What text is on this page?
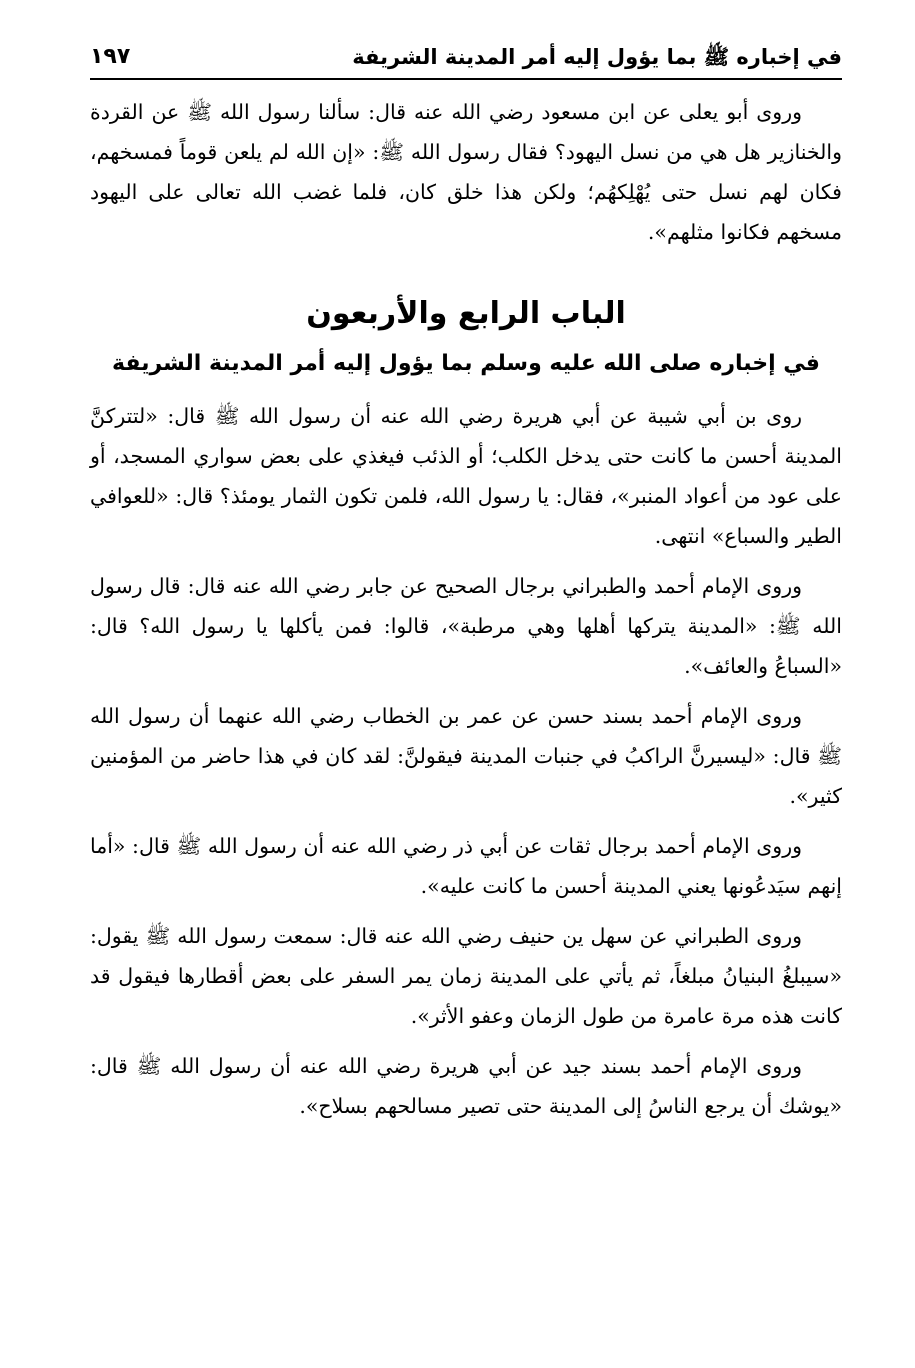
في إخباره ﷺ بما يؤول إليه أمر المدينة الشريفة
١٩٧

وروى أبو يعلى عن ابن مسعود رضي الله عنه قال: سألنا رسول الله ﷺ عن القردة والخنازير هل هي من نسل اليهود؟ فقال رسول الله ﷺ: «إن الله لم يلعن قوماً فمسخهم، فكان لهم نسل حتى يُهْلِكهُم؛ ولكن هذا خلق كان، فلما غضب الله تعالى على اليهود مسخهم فكانوا مثلهم».

الباب الرابع والأربعون
في إخباره صلى الله عليه وسلم بما يؤول إليه أمر المدينة الشريفة

روى بن أبي شيبة عن أبي هريرة رضي الله عنه أن رسول الله ﷺ قال: «لتتركنَّ المدينة أحسن ما كانت حتى يدخل الكلب؛ أو الذئب فيغذي على بعض سواري المسجد، أو على عود من أعواد المنبر»، فقال: يا رسول الله، فلمن تكون الثمار يومئذ؟ قال: «للعوافي الطير والسباع» انتهى.

وروى الإمام أحمد والطبراني برجال الصحيح عن جابر رضي الله عنه قال: قال رسول الله ﷺ: «المدينة يتركها أهلها وهي مرطبة»، قالوا: فمن يأكلها يا رسول الله؟ قال: «السباعُ والعائف».

وروى الإمام أحمد بسند حسن عن عمر بن الخطاب رضي الله عنهما أن رسول الله ﷺ قال: «ليسيرنَّ الراكبُ في جنبات المدينة فيقولنَّ: لقد كان في هذا حاضر من المؤمنين كثير».

وروى الإمام أحمد برجال ثقات عن أبي ذر رضي الله عنه أن رسول الله ﷺ قال: «أما إنهم سيَدعُونها يعني المدينة أحسن ما كانت عليه».

وروى الطبراني عن سهل ين حنيف رضي الله عنه قال: سمعت رسول الله ﷺ يقول: «سيبلغُ البنيانُ مبلغاً، ثم يأتي على المدينة زمان يمر السفر على بعض أقطارها فيقول قد كانت هذه مرة عامرة من طول الزمان وعفو الأثر».

وروى الإمام أحمد بسند جيد عن أبي هريرة رضي الله عنه أن رسول الله ﷺ قال: «يوشك أن يرجع الناسُ إلى المدينة حتى تصير مسالحهم بسلاح».
